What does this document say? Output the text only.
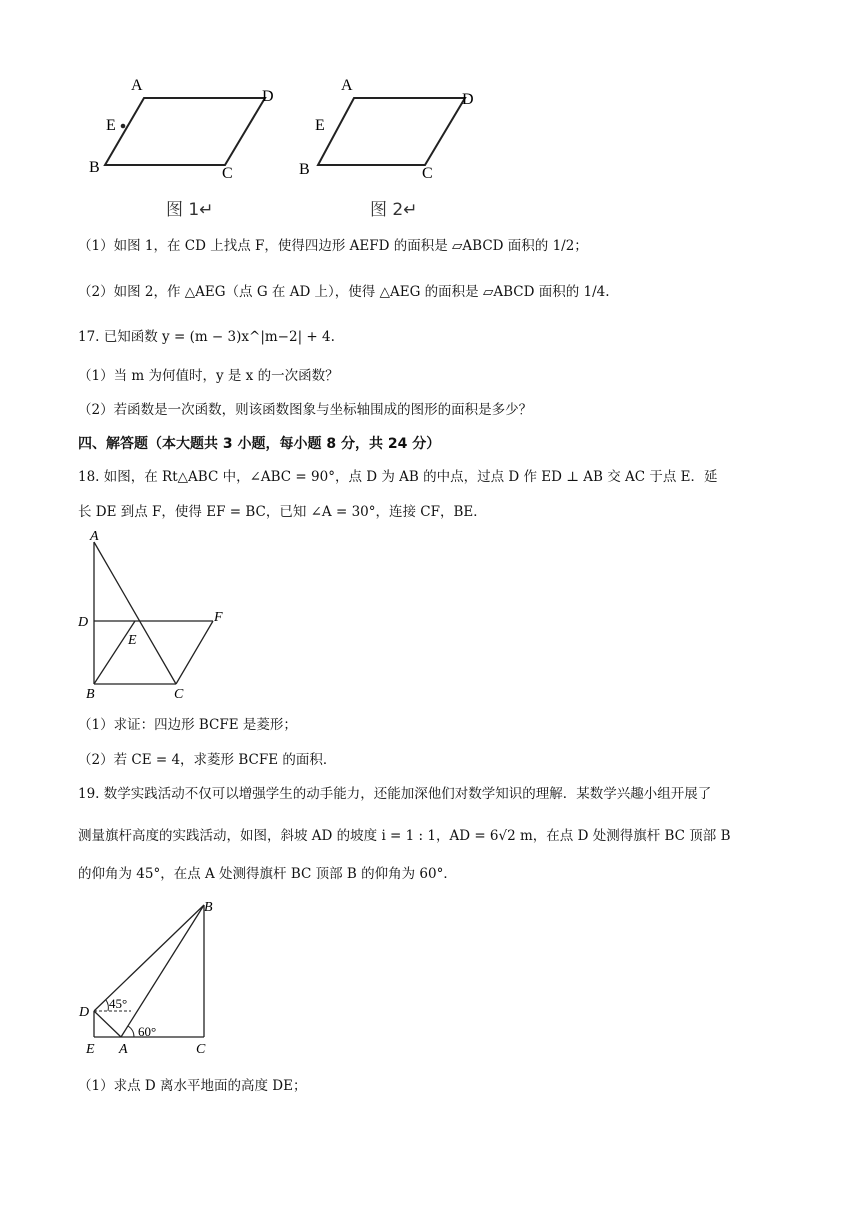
A
D
E
B	C
图 1↵
A
D
E
B	C
图 2↵
（1）如图 1，在 CD 上找点 F，使得四边形 AEFD 的面积是 ▱ABCD 面积的 1/2；
（2）如图 2，作 △AEG（点 G 在 AD 上），使得 △AEG 的面积是 ▱ABCD 面积的 1/4.
17. 已知函数 y = (m − 3)x^|m−2| + 4.
（1）当 m 为何值时，y 是 x 的一次函数？
（2）若函数是一次函数，则该函数图象与坐标轴围成的图形的面积是多少？
四、解答题（本大题共 3 小题，每小题 8 分，共 24 分）
18. 如图，在 Rt△ABC 中，∠ABC = 90°，点 D 为 AB 的中点，过点 D 作 ED ⊥ AB 交 AC 于点 E．延
长 DE 到点 F，使得 EF = BC，已知 ∠A = 30°，连接 CF，BE．
A
D
E
F
B	C
（1）求证：四边形 BCFE 是菱形；
（2）若 CE = 4，求菱形 BCFE 的面积．
19. 数学实践活动不仅可以增强学生的动手能力，还能加深他们对数学知识的理解．某数学兴趣小组开展了
测量旗杆高度的实践活动，如图，斜坡 AD 的坡度 i = 1 : 1，AD = 6√2 m，在点 D 处测得旗杆 BC 顶部 B
的仰角为 45°，在点 A 处测得旗杆 BC 顶部 B 的仰角为 60°．
B
D
E A	C
45°
60°
（1）求点 D 离水平地面的高度 DE；
